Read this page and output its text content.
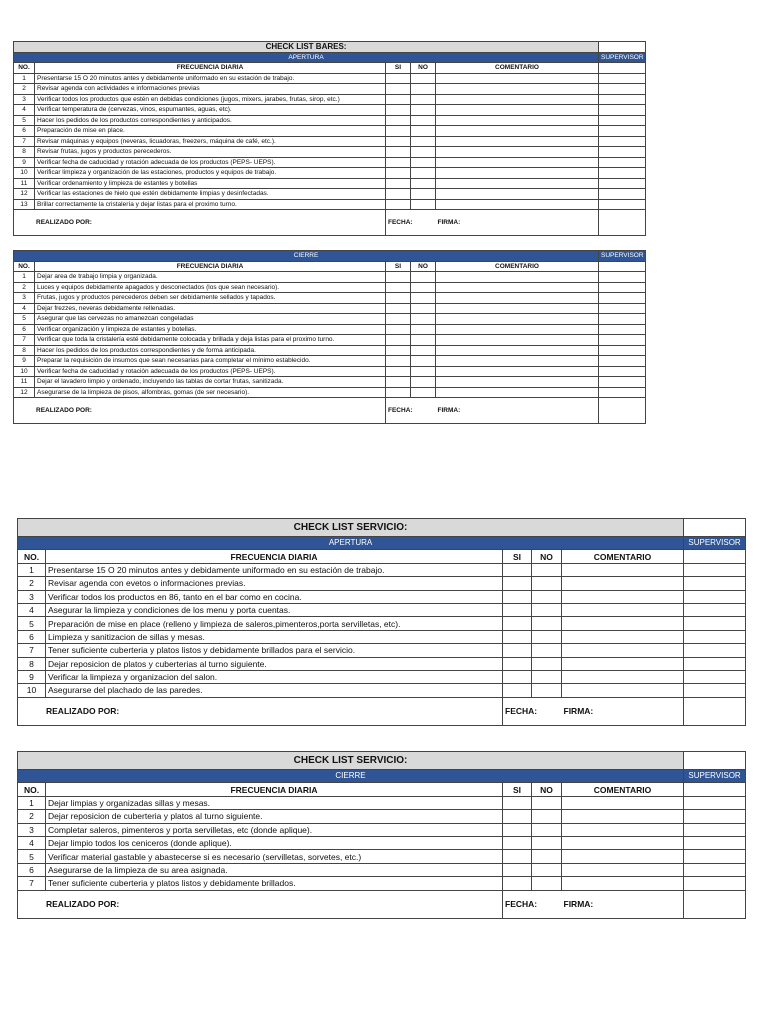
CHECK LIST BARES:					
APERTURA					SUPERVISOR
NO.	FRECUENCIA DIARIA	SI	NO	COMENTARIO	
1	Presentarse 15 O 20 minutos antes y debidamente uniformado en su estación de trabajo.				
2	Revisar agenda con actividades e informaciones previas				
3	Verificar todos los productos que estén en debidas condiciones (jugos, mixers, jarabes, frutas, sirop, etc.)				
4	Verificar temperatura de (cervezas, vinos, espumantes, aguas, etc).				
5	Hacer los pedidos de los productos correspondientes y anticipados.				
6	Preparación de mise en place.				
7	Revisar máquinas y equipos (neveras, licuadoras, freezers, máquina de café, etc.).				
8	Revisar frutas, jugos y productos perecederos.				
9	Verificar fecha de caducidad y rotación adecuada de los productos (PEPS- UEPS).				
10	Verificar limpieza y organización de las estaciones, productos y equipos de trabajo.				
11	Verificar ordenamiento y limpieza de estantes y botellas				
12	Verificar las estaciones de hielo que estén debidamente limpias y desinfectadas.				
13	Brillar correctamente la cristalería y dejar listas para el proximo turno.				
REALIZADO POR:		FECHA:		FIRMA:	
CIERRE					SUPERVISOR
NO.	FRECUENCIA DIARIA	SI	NO	COMENTARIO	
1	Dejar area de trabajo limpia y organizada.				
2	Luces y equipos debidamente apagados y desconectados (los que sean necesario).				
3	Frutas, jugos y productos perecederos deben ser debidamente sellados y tapados.				
4	Dejar frezzes, neveras debidamente rellenadas.				
5	Asegurar que las cervezas no amanezcan congeladas				
6	Verificar organización y limpieza de estantes y botellas.				
7	Verificar que toda la cristalería esté debidamente colocada y brillada y deja listas para el proximo turno.				
8	Hacer los pedidos de los productos correspondientes y de forma anticipada.				
9	Preparar la requisición de insumos que sean necesarias para completar el mínimo establecido.				
10	Verificar fecha de caducidad y rotación adecuada de los productos (PEPS- UEPS).				
11	Dejar el lavadero limpio y ordenado, incluyendo las tablas de cortar frutas, sanitizada.				
12	Asegurarse de la limpieza de pisos, alfombras, gomas (de ser necesario).				
REALIZADO POR:		FECHA:		FIRMA:	
CHECK LIST SERVICIO:					
APERTURA					SUPERVISOR
NO.	FRECUENCIA DIARIA	SI	NO	COMENTARIO	
1	Presentarse 15 O 20 minutos antes y debidamente uniformado en su estación de trabajo.				
2	Revisar agenda con evetos o informaciones previas.				
3	Verificar todos los productos en 86, tanto en el bar como en cocina.				
4	Asegurar la limpieza y condiciones de los menu y porta cuentas.				
5	Preparación de mise en place (relleno y limpieza de saleros,pimenteros,porta servilletas, etc).				
6	Limpieza y sanitizacion de sillas y mesas.				
7	Tener suficiente cuberteria y platos listos y debidamente brillados para el servicio.				
8	Dejar reposicion de platos y cuberterias al turno siguiente.				
9	Verificar la limpieza y organizacion del salon.				
10	Asegurarse del plachado de las paredes.				
REALIZADO POR:		FECHA:		FIRMA:	
CHECK LIST SERVICIO:					
CIERRE					SUPERVISOR
NO.	FRECUENCIA DIARIA	SI	NO	COMENTARIO	
1	Dejar limpias y organizadas sillas y mesas.				
2	Dejar reposicion de cuberteria y platos al turno siguiente.				
3	Completar saleros, pimenteros y porta servilletas, etc (donde aplique).				
4	Dejar limpio todos los ceniceros (donde aplique).				
5	Verificar material gastable y abastecerse si es necesario (servilletas, sorvetes, etc.)				
6	Asegurarse de la limpieza de su area asignada.				
7	Tener suficiente cuberteria y platos listos y debidamente brillados.				
REALIZADO POR:		FECHA:		FIRMA:	
